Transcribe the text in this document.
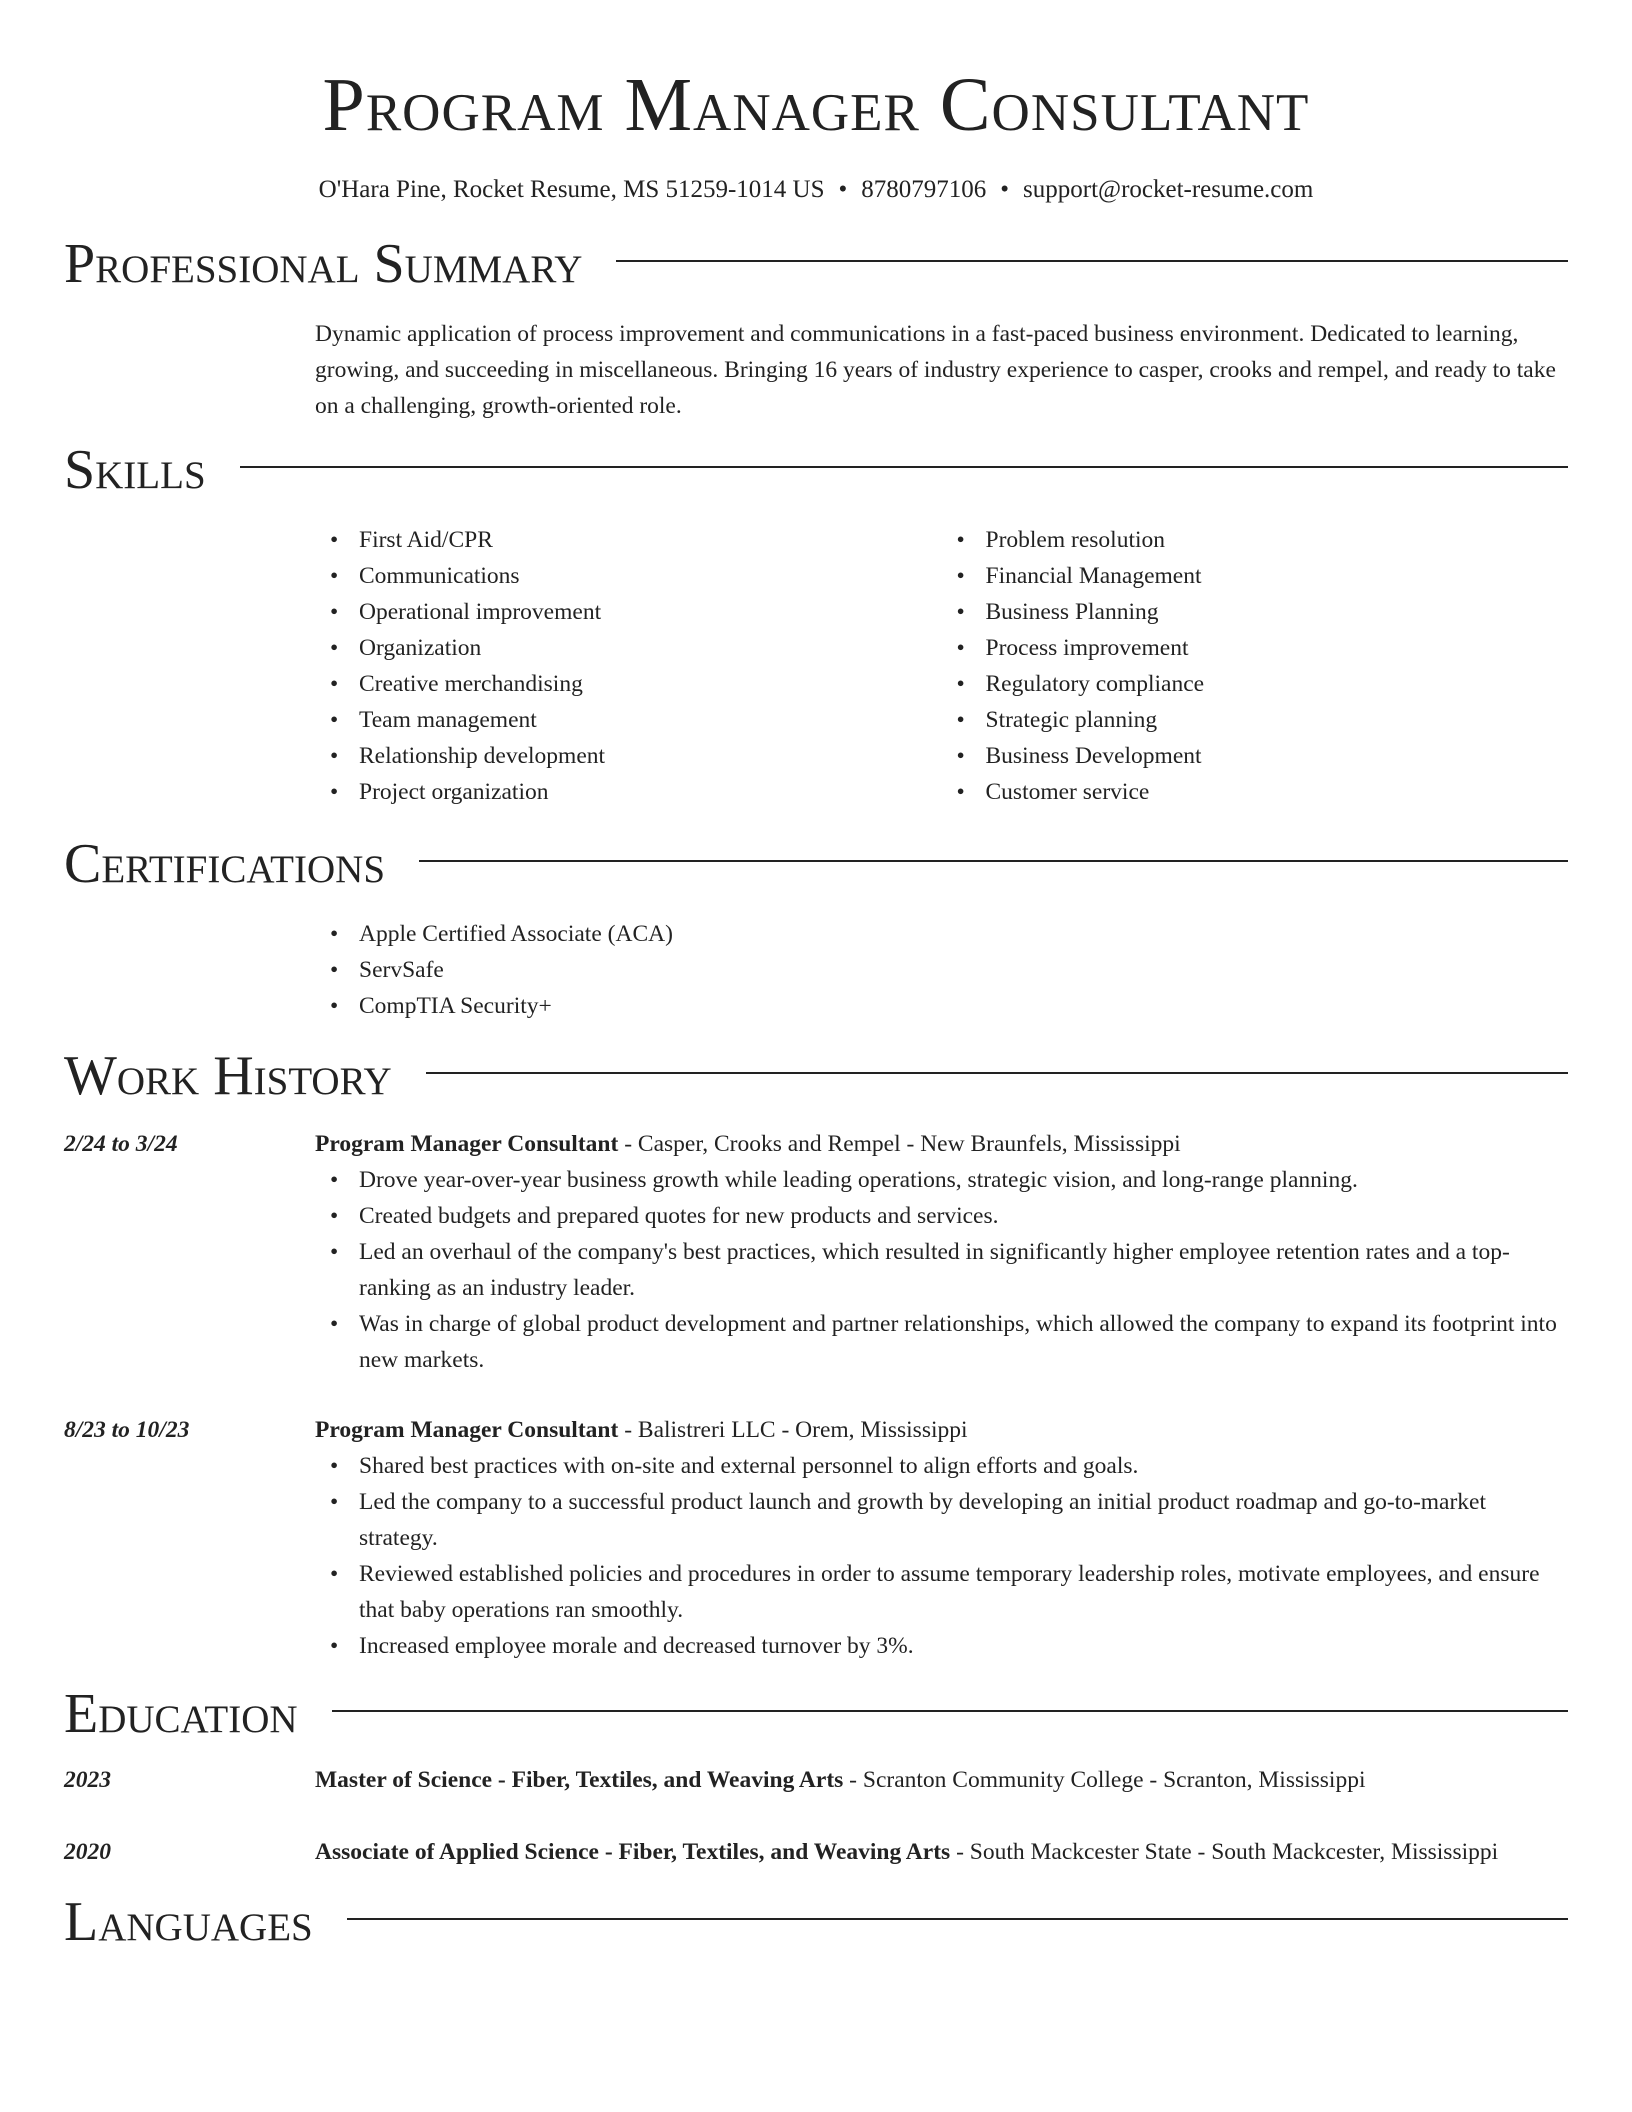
Program Manager Consultant
O'Hara Pine, Rocket Resume, MS 51259-1014 US • 8780797106 • support@rocket-resume.com
Professional Summary
Dynamic application of process improvement and communications in a fast-paced business environment. Dedicated to learning, growing, and succeeding in miscellaneous. Bringing 16 years of industry experience to casper, crooks and rempel, and ready to take on a challenging, growth-oriented role.
Skills
• First Aid/CPR
• Communications
• Operational improvement
• Organization
• Creative merchandising
• Team management
• Relationship development
• Project organization
• Problem resolution
• Financial Management
• Business Planning
• Process improvement
• Regulatory compliance
• Strategic planning
• Business Development
• Customer service
Certifications
• Apple Certified Associate (ACA)
• ServSafe
• CompTIA Security+
Work History
2/24 to 3/24	Program Manager Consultant - Casper, Crooks and Rempel - New Braunfels, Mississippi
• Drove year-over-year business growth while leading operations, strategic vision, and long-range planning.
• Created budgets and prepared quotes for new products and services.
• Led an overhaul of the company's best practices, which resulted in significantly higher employee retention rates and a top-ranking as an industry leader.
• Was in charge of global product development and partner relationships, which allowed the company to expand its footprint into new markets.
8/23 to 10/23	Program Manager Consultant - Balistreri LLC - Orem, Mississippi
• Shared best practices with on-site and external personnel to align efforts and goals.
• Led the company to a successful product launch and growth by developing an initial product roadmap and go-to-market strategy.
• Reviewed established policies and procedures in order to assume temporary leadership roles, motivate employees, and ensure that baby operations ran smoothly.
• Increased employee morale and decreased turnover by 3%.
Education
2023	Master of Science - Fiber, Textiles, and Weaving Arts - Scranton Community College - Scranton, Mississippi
2020	Associate of Applied Science - Fiber, Textiles, and Weaving Arts - South Mackcester State - South Mackcester, Mississippi
Languages
